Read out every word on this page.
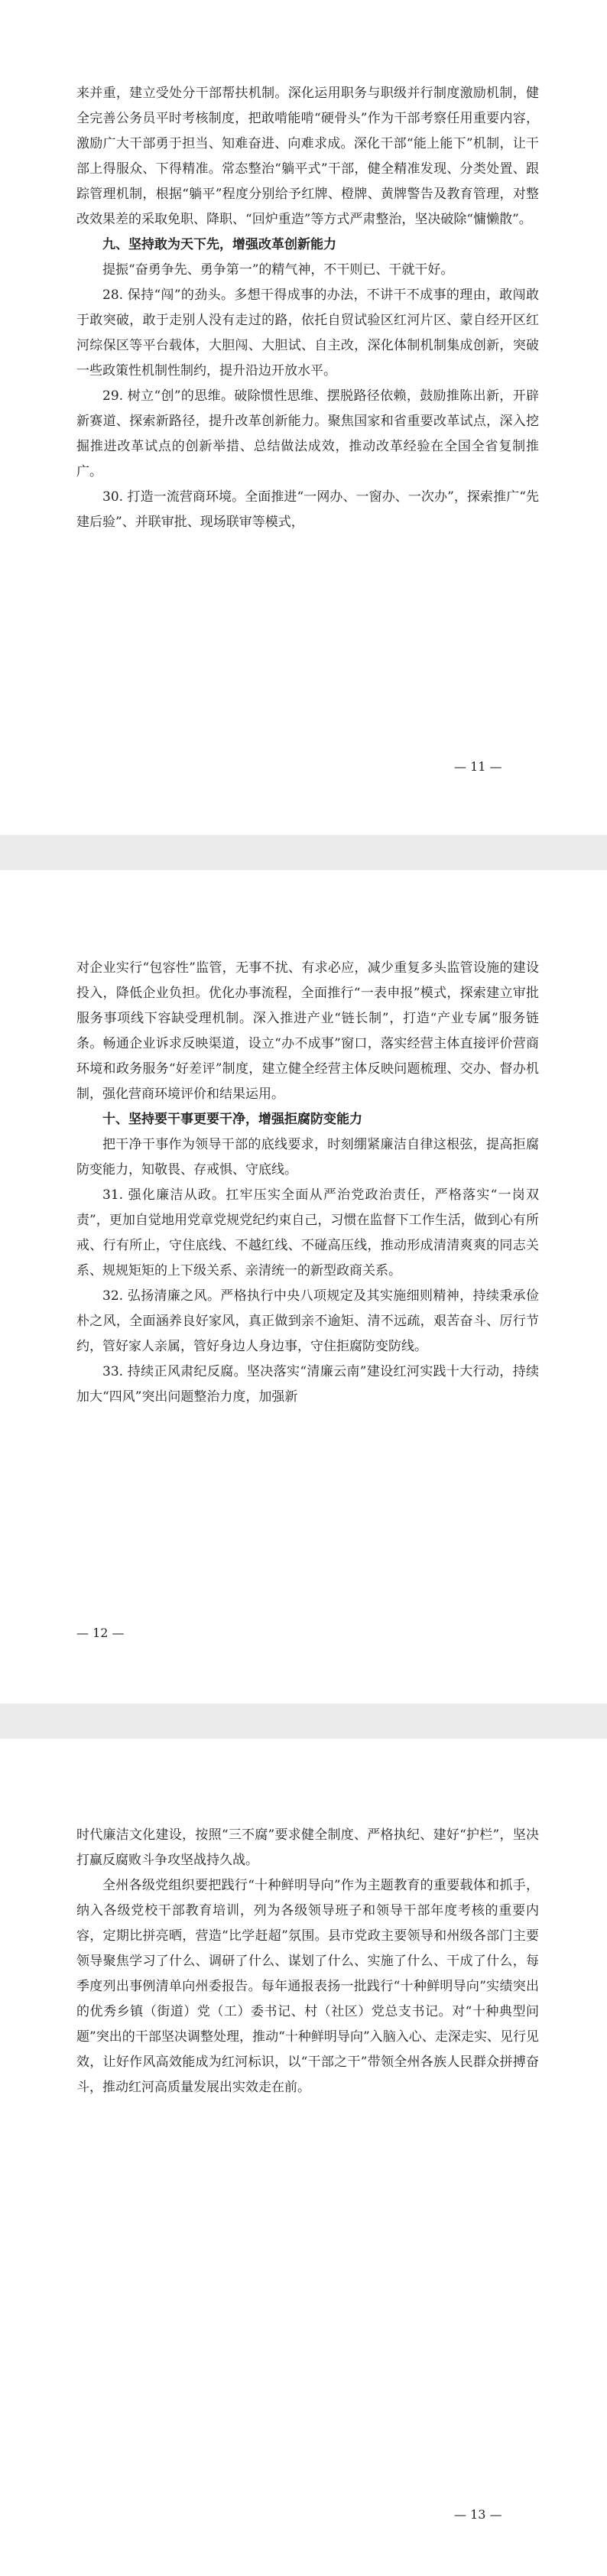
来并重，建立受处分干部帮扶机制。深化运用职务与职级并行制度激励机制，健全完善公务员平时考核制度，把敢啃能啃“硬骨头”作为干部考察任用重要内容，激励广大干部勇于担当、知难奋进、向难求成。深化干部“能上能下”机制，让干部上得服众、下得精准。常态整治“躺平式”干部，健全精准发现、分类处置、跟踪管理机制，根据“躺平”程度分别给予红牌、橙牌、黄牌警告及教育管理，对整改效果差的采取免职、降职、“回炉重造”等方式严肃整治，坚决破除“慵懒散”。

九、坚持敢为天下先，增强改革创新能力

提振“奋勇争先、勇争第一”的精气神，不干则已、干就干好。

28. 保持“闯”的劲头。多想干得成事的办法，不讲干不成事的理由，敢闯敢于敢突破，敢于走别人没有走过的路，依托自贸试验区红河片区、蒙自经开区红河综保区等平台载体，大胆闯、大胆试、自主改，深化体制机制集成创新，突破一些政策性机制性制约，提升沿边开放水平。

29. 树立“创”的思维。破除惯性思维、摆脱路径依赖，鼓励推陈出新，开辟新赛道、探索新路径，提升改革创新能力。聚焦国家和省重要改革试点，深入挖掘推进改革试点的创新举措、总结做法成效，推动改革经验在全国全省复制推广。

30. 打造一流营商环境。全面推进“一网办、一窗办、一次办”，探索推广“先建后验”、并联审批、现场联审等模式，

— 11 —

对企业实行“包容性”监管，无事不扰、有求必应，减少重复多头监管设施的建设投入，降低企业负担。优化办事流程，全面推行“一表申报”模式，探索建立审批服务事项线下容缺受理机制。深入推进产业“链长制”，打造“产业专属”服务链条。畅通企业诉求反映渠道，设立“办不成事”窗口，落实经营主体直接评价营商环境和政务服务“好差评”制度，建立健全经营主体反映问题梳理、交办、督办机制，强化营商环境评价和结果运用。

十、坚持要干事更要干净，增强拒腐防变能力

把干净干事作为领导干部的底线要求，时刻绷紧廉洁自律这根弦，提高拒腐防变能力，知敬畏、存戒惧、守底线。

31. 强化廉洁从政。扛牢压实全面从严治党政治责任，严格落实“一岗双责”，更加自觉地用党章党规党纪约束自己，习惯在监督下工作生活，做到心有所戒、行有所止，守住底线、不越红线、不碰高压线，推动形成清清爽爽的同志关系、规规矩矩的上下级关系、亲清统一的新型政商关系。

32. 弘扬清廉之风。严格执行中央八项规定及其实施细则精神，持续秉承俭朴之风，全面涵养良好家风，真正做到亲不逾矩、清不远疏，艰苦奋斗、厉行节约，管好家人亲属，管好身边人身边事，守住拒腐防变防线。

33. 持续正风肃纪反腐。坚决落实“清廉云南”建设红河实践十大行动，持续加大“四风”突出问题整治力度，加强新

— 12 —

时代廉洁文化建设，按照“三不腐”要求健全制度、严格执纪、建好“护栏”，坚决打赢反腐败斗争攻坚战持久战。

全州各级党组织要把践行“十种鲜明导向”作为主题教育的重要载体和抓手，纳入各级党校干部教育培训，列为各级领导班子和领导干部年度考核的重要内容，定期比拼亮晒，营造“比学赶超”氛围。县市党政主要领导和州级各部门主要领导聚焦学习了什么、调研了什么、谋划了什么、实施了什么、干成了什么，每季度列出事例清单向州委报告。每年通报表扬一批践行“十种鲜明导向”实绩突出的优秀乡镇（街道）党（工）委书记、村（社区）党总支书记。对“十种典型问题”突出的干部坚决调整处理，推动“十种鲜明导向”入脑入心、走深走实、见行见效，让好作风高效能成为红河标识，以“干部之干”带领全州各族人民群众拼搏奋斗，推动红河高质量发展出实效走在前。

— 13 —
